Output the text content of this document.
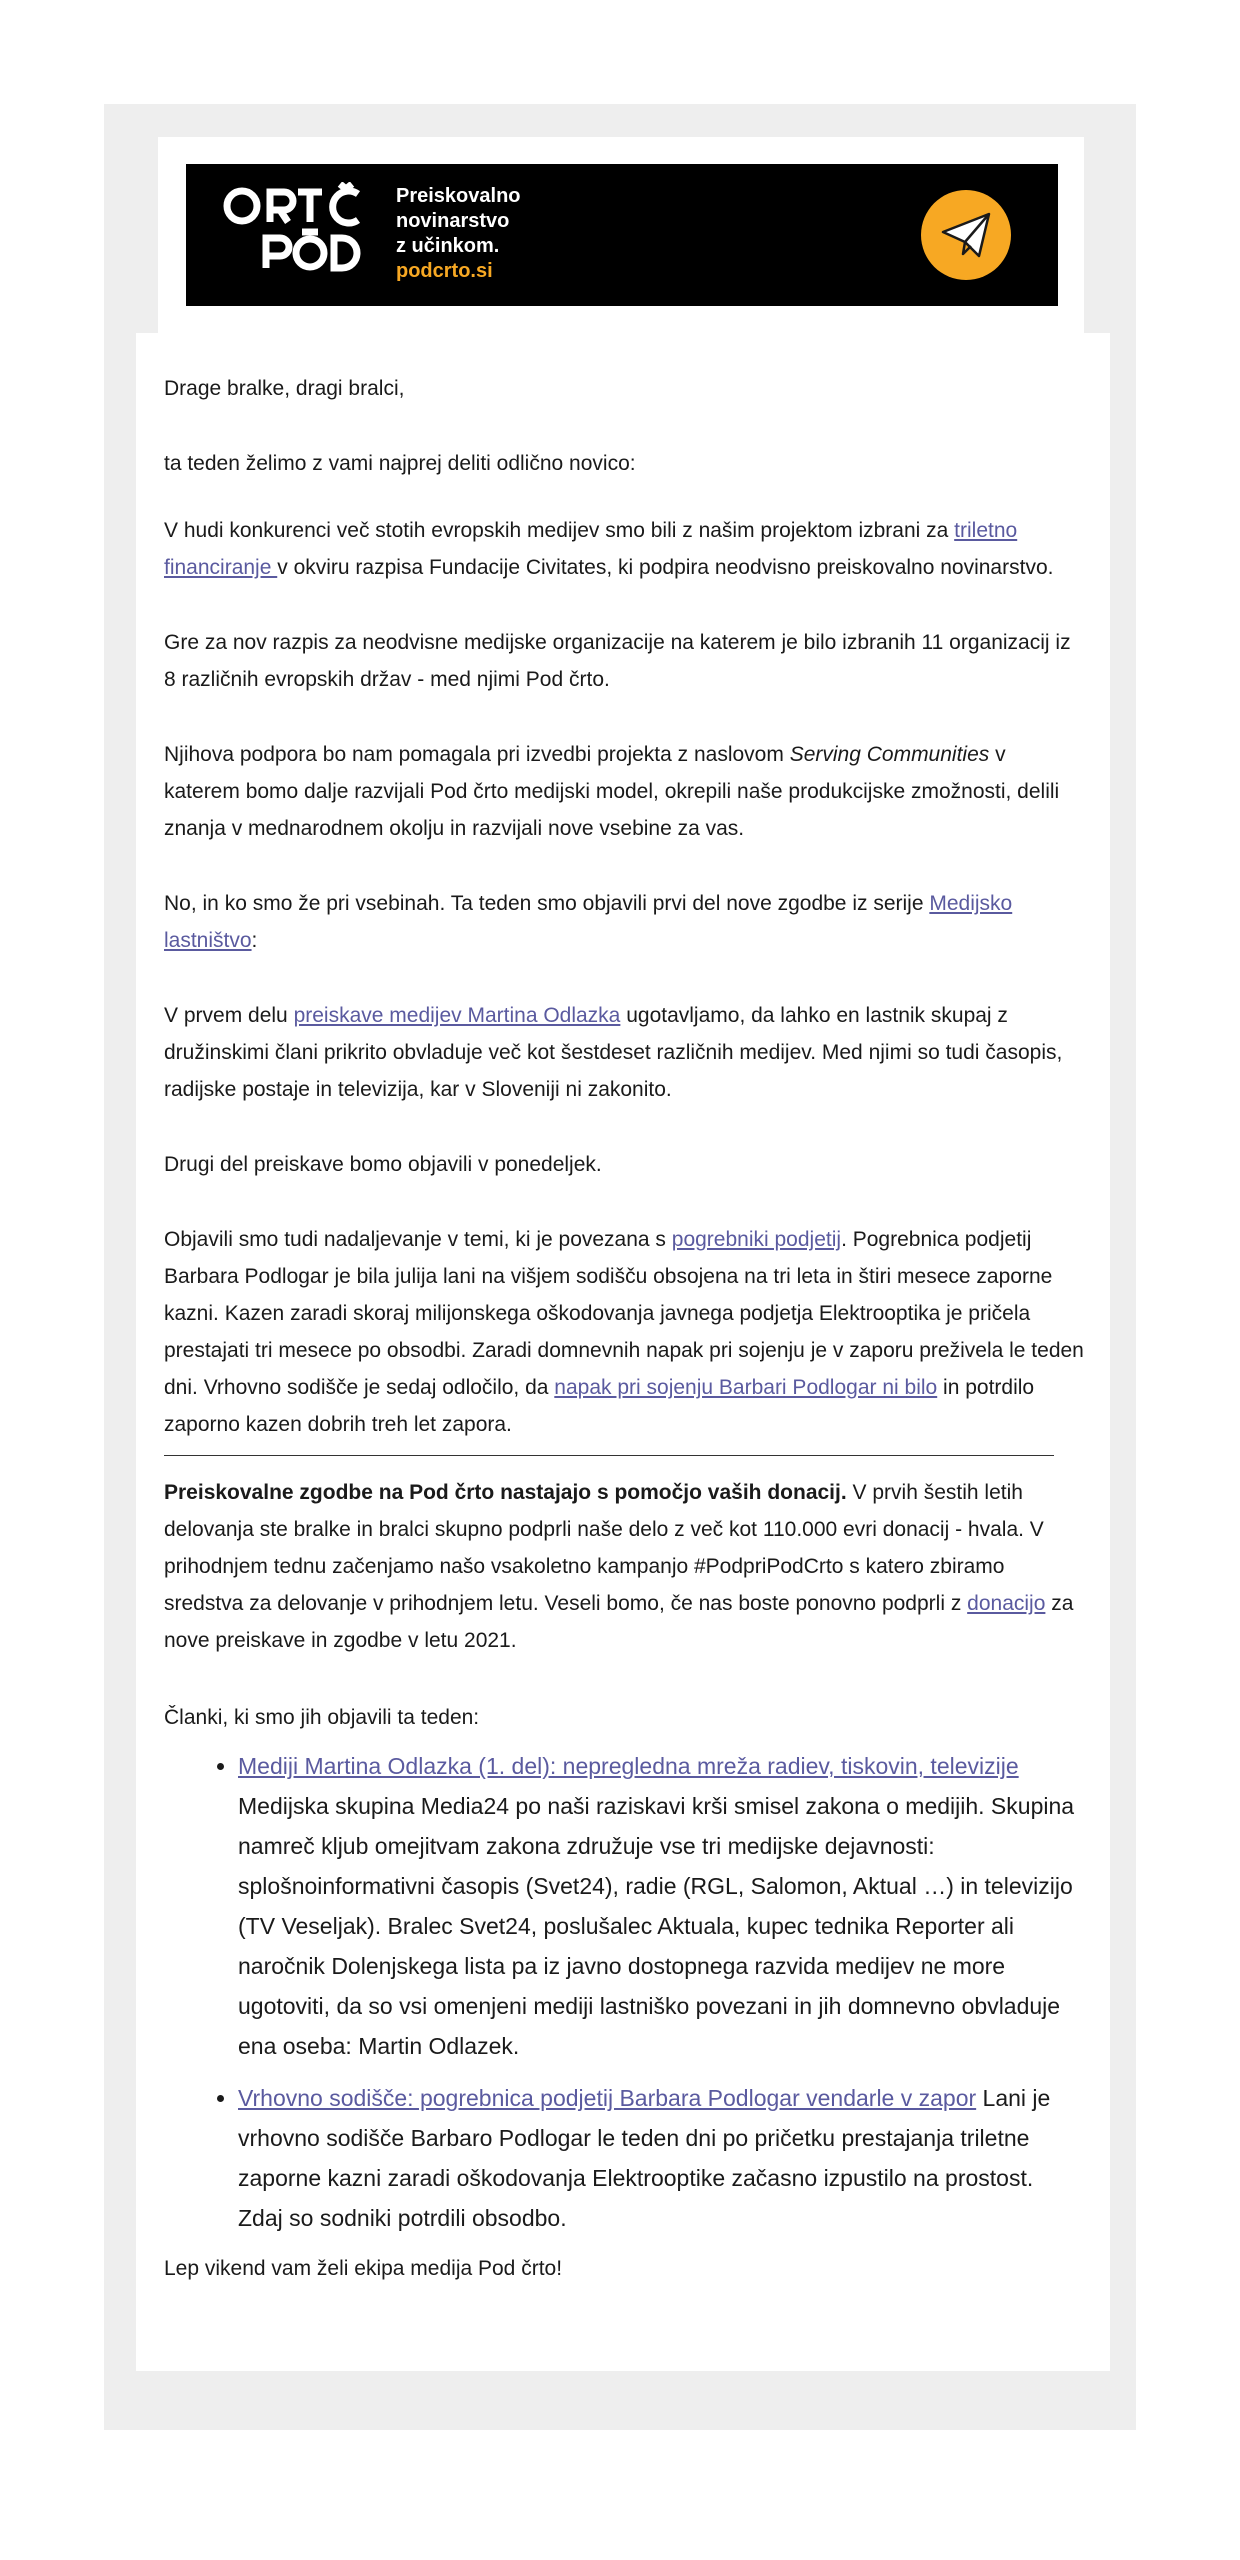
Preiskovalno
novinarstvo
z učinkom.
podcrto.si

Drage bralke, dragi bralci,

ta teden želimo z vami najprej deliti odlično novico:

V hudi konkurenci več stotih evropskih medijev smo bili z našim projektom izbrani za triletno financiranje v okviru razpisa Fundacije Civitates, ki podpira neodvisno preiskovalno novinarstvo.

Gre za nov razpis za neodvisne medijske organizacije na katerem je bilo izbranih 11 organizacij iz 8 različnih evropskih držav - med njimi Pod črto.

Njihova podpora bo nam pomagala pri izvedbi projekta z naslovom Serving Communities v katerem bomo dalje razvijali Pod črto medijski model, okrepili naše produkcijske zmožnosti, delili znanja v mednarodnem okolju in razvijali nove vsebine za vas.

No, in ko smo že pri vsebinah. Ta teden smo objavili prvi del nove zgodbe iz serije Medijsko lastništvo:

V prvem delu preiskave medijev Martina Odlazka ugotavljamo, da lahko en lastnik skupaj z družinskimi člani prikrito obvladuje več kot šestdeset različnih medijev. Med njimi so tudi časopis, radijske postaje in televizija, kar v Sloveniji ni zakonito.

Drugi del preiskave bomo objavili v ponedeljek.

Objavili smo tudi nadaljevanje v temi, ki je povezana s pogrebniki podjetij. Pogrebnica podjetij Barbara Podlogar je bila julija lani na višjem sodišču obsojena na tri leta in štiri mesece zaporne kazni. Kazen zaradi skoraj milijonskega oškodovanja javnega podjetja Elektrooptika je pričela prestajati tri mesece po obsodbi. Zaradi domnevnih napak pri sojenju je v zaporu preživela le teden dni. Vrhovno sodišče je sedaj odločilo, da napak pri sojenju Barbari Podlogar ni bilo in potrdilo zaporno kazen dobrih treh let zapora.

Preiskovalne zgodbe na Pod črto nastajajo s pomočjo vaših donacij. V prvih šestih letih delovanja ste bralke in bralci skupno podprli naše delo z več kot 110.000 evri donacij - hvala. V prihodnjem tednu začenjamo našo vsakoletno kampanjo #PodpriPodCrto s katero zbiramo sredstva za delovanje v prihodnjem letu. Veseli bomo, če nas boste ponovno podprli z donacijo za nove preiskave in zgodbe v letu 2021.

Članki, ki smo jih objavili ta teden:

• Mediji Martina Odlazka (1. del): nepregledna mreža radiev, tiskovin, televizije Medijska skupina Media24 po naši raziskavi krši smisel zakona o medijih. Skupina namreč kljub omejitvam zakona združuje vse tri medijske dejavnosti: splošnoinformativni časopis (Svet24), radie (RGL, Salomon, Aktual …) in televizijo (TV Veseljak). Bralec Svet24, poslušalec Aktuala, kupec tednika Reporter ali naročnik Dolenjskega lista pa iz javno dostopnega razvida medijev ne more ugotoviti, da so vsi omenjeni mediji lastniško povezani in jih domnevno obvladuje ena oseba: Martin Odlazek.
• Vrhovno sodišče: pogrebnica podjetij Barbara Podlogar vendarle v zapor Lani je vrhovno sodišče Barbaro Podlogar le teden dni po pričetku prestajanja triletne zaporne kazni zaradi oškodovanja Elektrooptike začasno izpustilo na prostost. Zdaj so sodniki potrdili obsodbo.

Lep vikend vam želi ekipa medija Pod črto!
